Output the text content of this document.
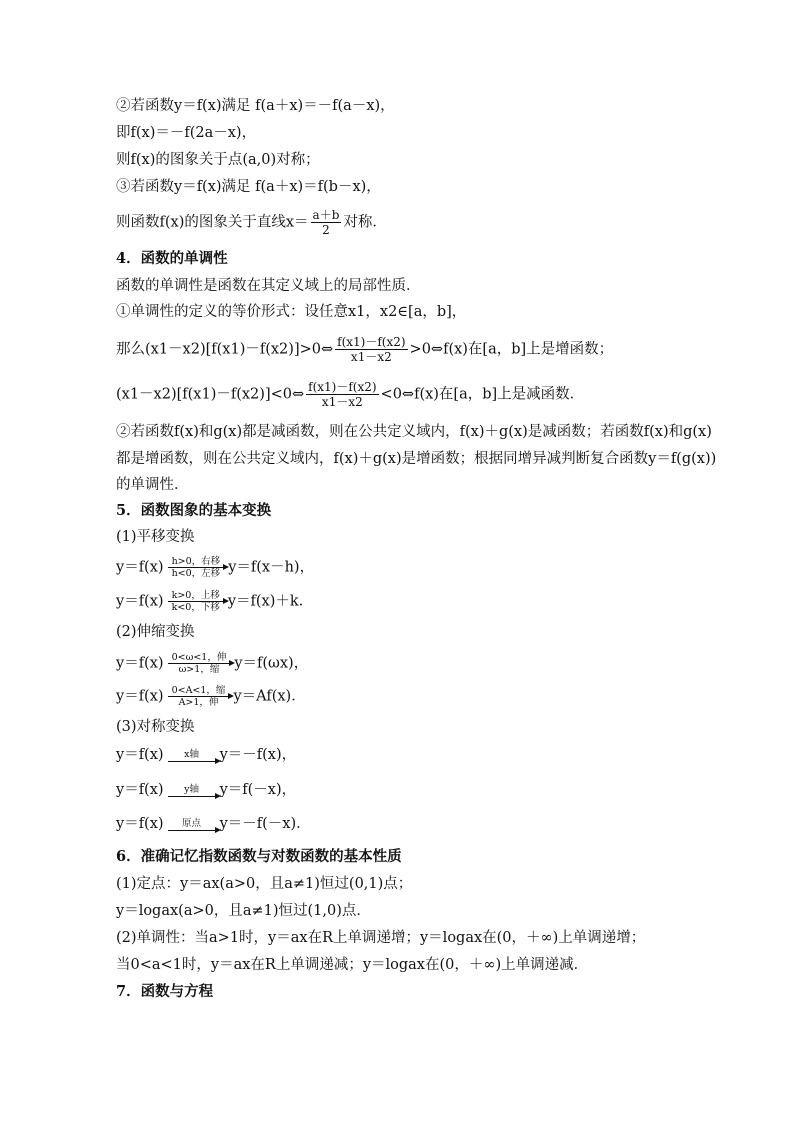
②若函数y＝f(x)满足 f(a＋x)＝－f(a－x)，
即f(x)＝－f(2a－x)，
则f(x)的图象关于点(a,0)对称；
③若函数y＝f(x)满足 f(a＋x)＝f(b－x)，
则函数f(x)的图象关于直线$x= \frac{a+b}{2}$ 对称．
4．函数的单调性
函数的单调性是函数在其定义域上的局部性质．
①单调性的定义的等价形式：设任意x1，x2∈[a，b]，
那么(x1－x2)[f(x1)－f(x2)]>0⇔ $\frac{f(x1)-f(x2)}{x1-x2}$ >0⇔f(x)在[a，b]上是增函数；
(x1－x2)[f(x1)－f(x2)]<0⇔ $\frac{f(x1)-f(x2)}{x1-x2}$ <0⇔f(x)在[a，b]上是减函数．
②若函数f(x)和g(x)都是减函数，则在公共定义域内，f(x)＋g(x)是减函数；若函数f(x)和g(x)
都是增函数，则在公共定义域内，f(x)＋g(x)是增函数；根据同增异减判断复合函数y＝f(g(x))
的单调性．
5．函数图象的基本变换
(1)平移变换
y＝f(x) h>0，右移
h<0，左移 y＝f(x－h)，
y＝f(x) k>0，上移
k<0，下移 y＝f(x)＋k.
(2)伸缩变换
y＝f(x) 0<ω<1，伸
ω>1，缩	y＝f(ωx)，
y＝f(x) 0<A<1，缩
A>1，伸	y＝Af(x)．
(3)对称变换
y＝f(x)	x轴	y＝－f(x)，
y＝f(x)	y轴	y＝f(－x)，
y＝f(x)	原点	y＝－f(－x)．
6．准确记忆指数函数与对数函数的基本性质
(1)定点：y＝ax(a>0，且a≠1)恒过(0,1)点；
y＝logax(a>0，且a≠1)恒过(1,0)点．
(2)单调性：当a>1时，y＝ax在R上单调递增；y＝logax在(0，＋∞)上单调递增；
当0<a<1时，y＝ax在R上单调递减；y＝logax在(0，＋∞)上单调递减．
7．函数与方程
